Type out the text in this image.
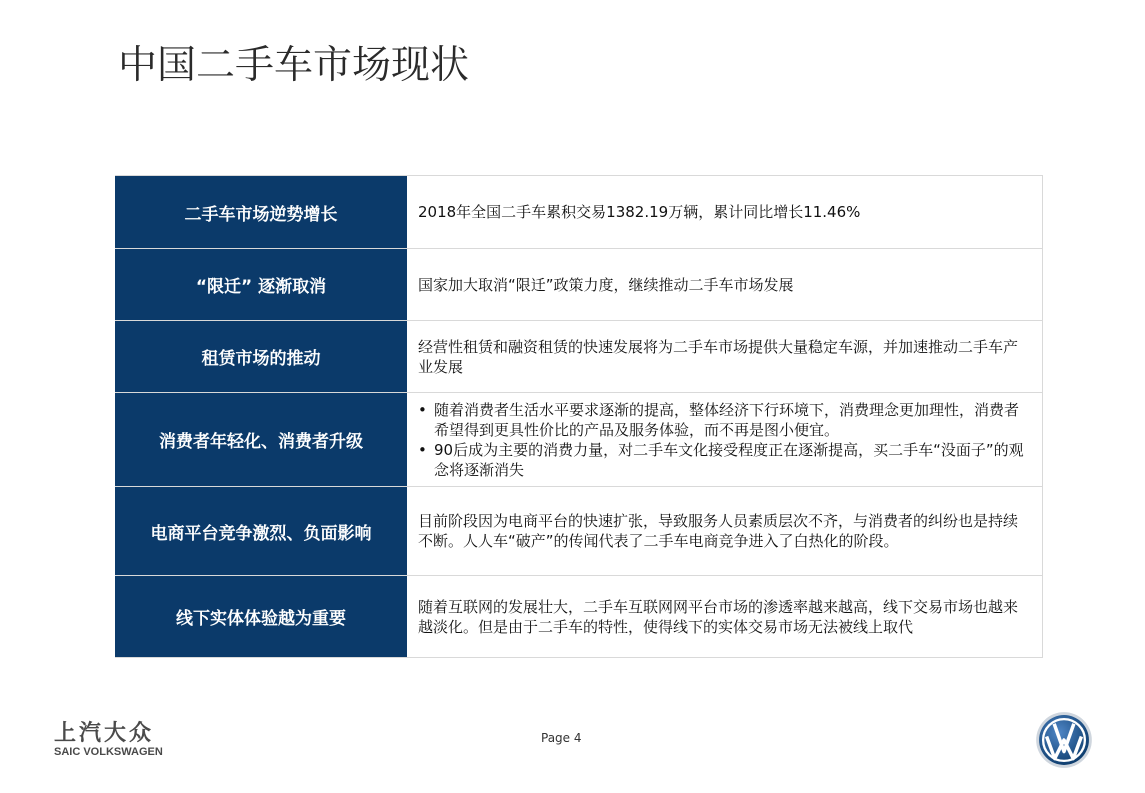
中国二手车市场现状
二手车市场逆势增长	2018年全国二手车累积交易1382.19万辆，累计同比增长11.46%
“限迁” 逐渐取消	国家加大取消“限迁”政策力度，继续推动二手车市场发展
租赁市场的推动
经营性租赁和融资租赁的快速发展将为二手车市场提供大量稳定车源，并加速推动二手车产业发展
消费者年轻化、消费者升级
• 随着消费者生活水平要求逐渐的提高，整体经济下行环境下，消费理念更加理性，消费者希望得到更具性价比的产品及服务体验，而不再是图小便宜。
• 90后成为主要的消费力量，对二手车文化接受程度正在逐渐提高，买二手车“没面子”的观念将逐渐消失
电商平台竞争激烈、负面影响
目前阶段因为电商平台的快速扩张，导致服务人员素质层次不齐，与消费者的纠纷也是持续不断。人人车“破产”的传闻代表了二手车电商竞争进入了白热化的阶段。
线下实体体验越为重要
随着互联网的发展壮大，二手车互联网网平台市场的渗透率越来越高，线下交易市场也越来越淡化。但是由于二手车的特性，使得线下的实体交易市场无法被线上取代
上汽大众
SAIC VOLKSWAGEN
Page 4
